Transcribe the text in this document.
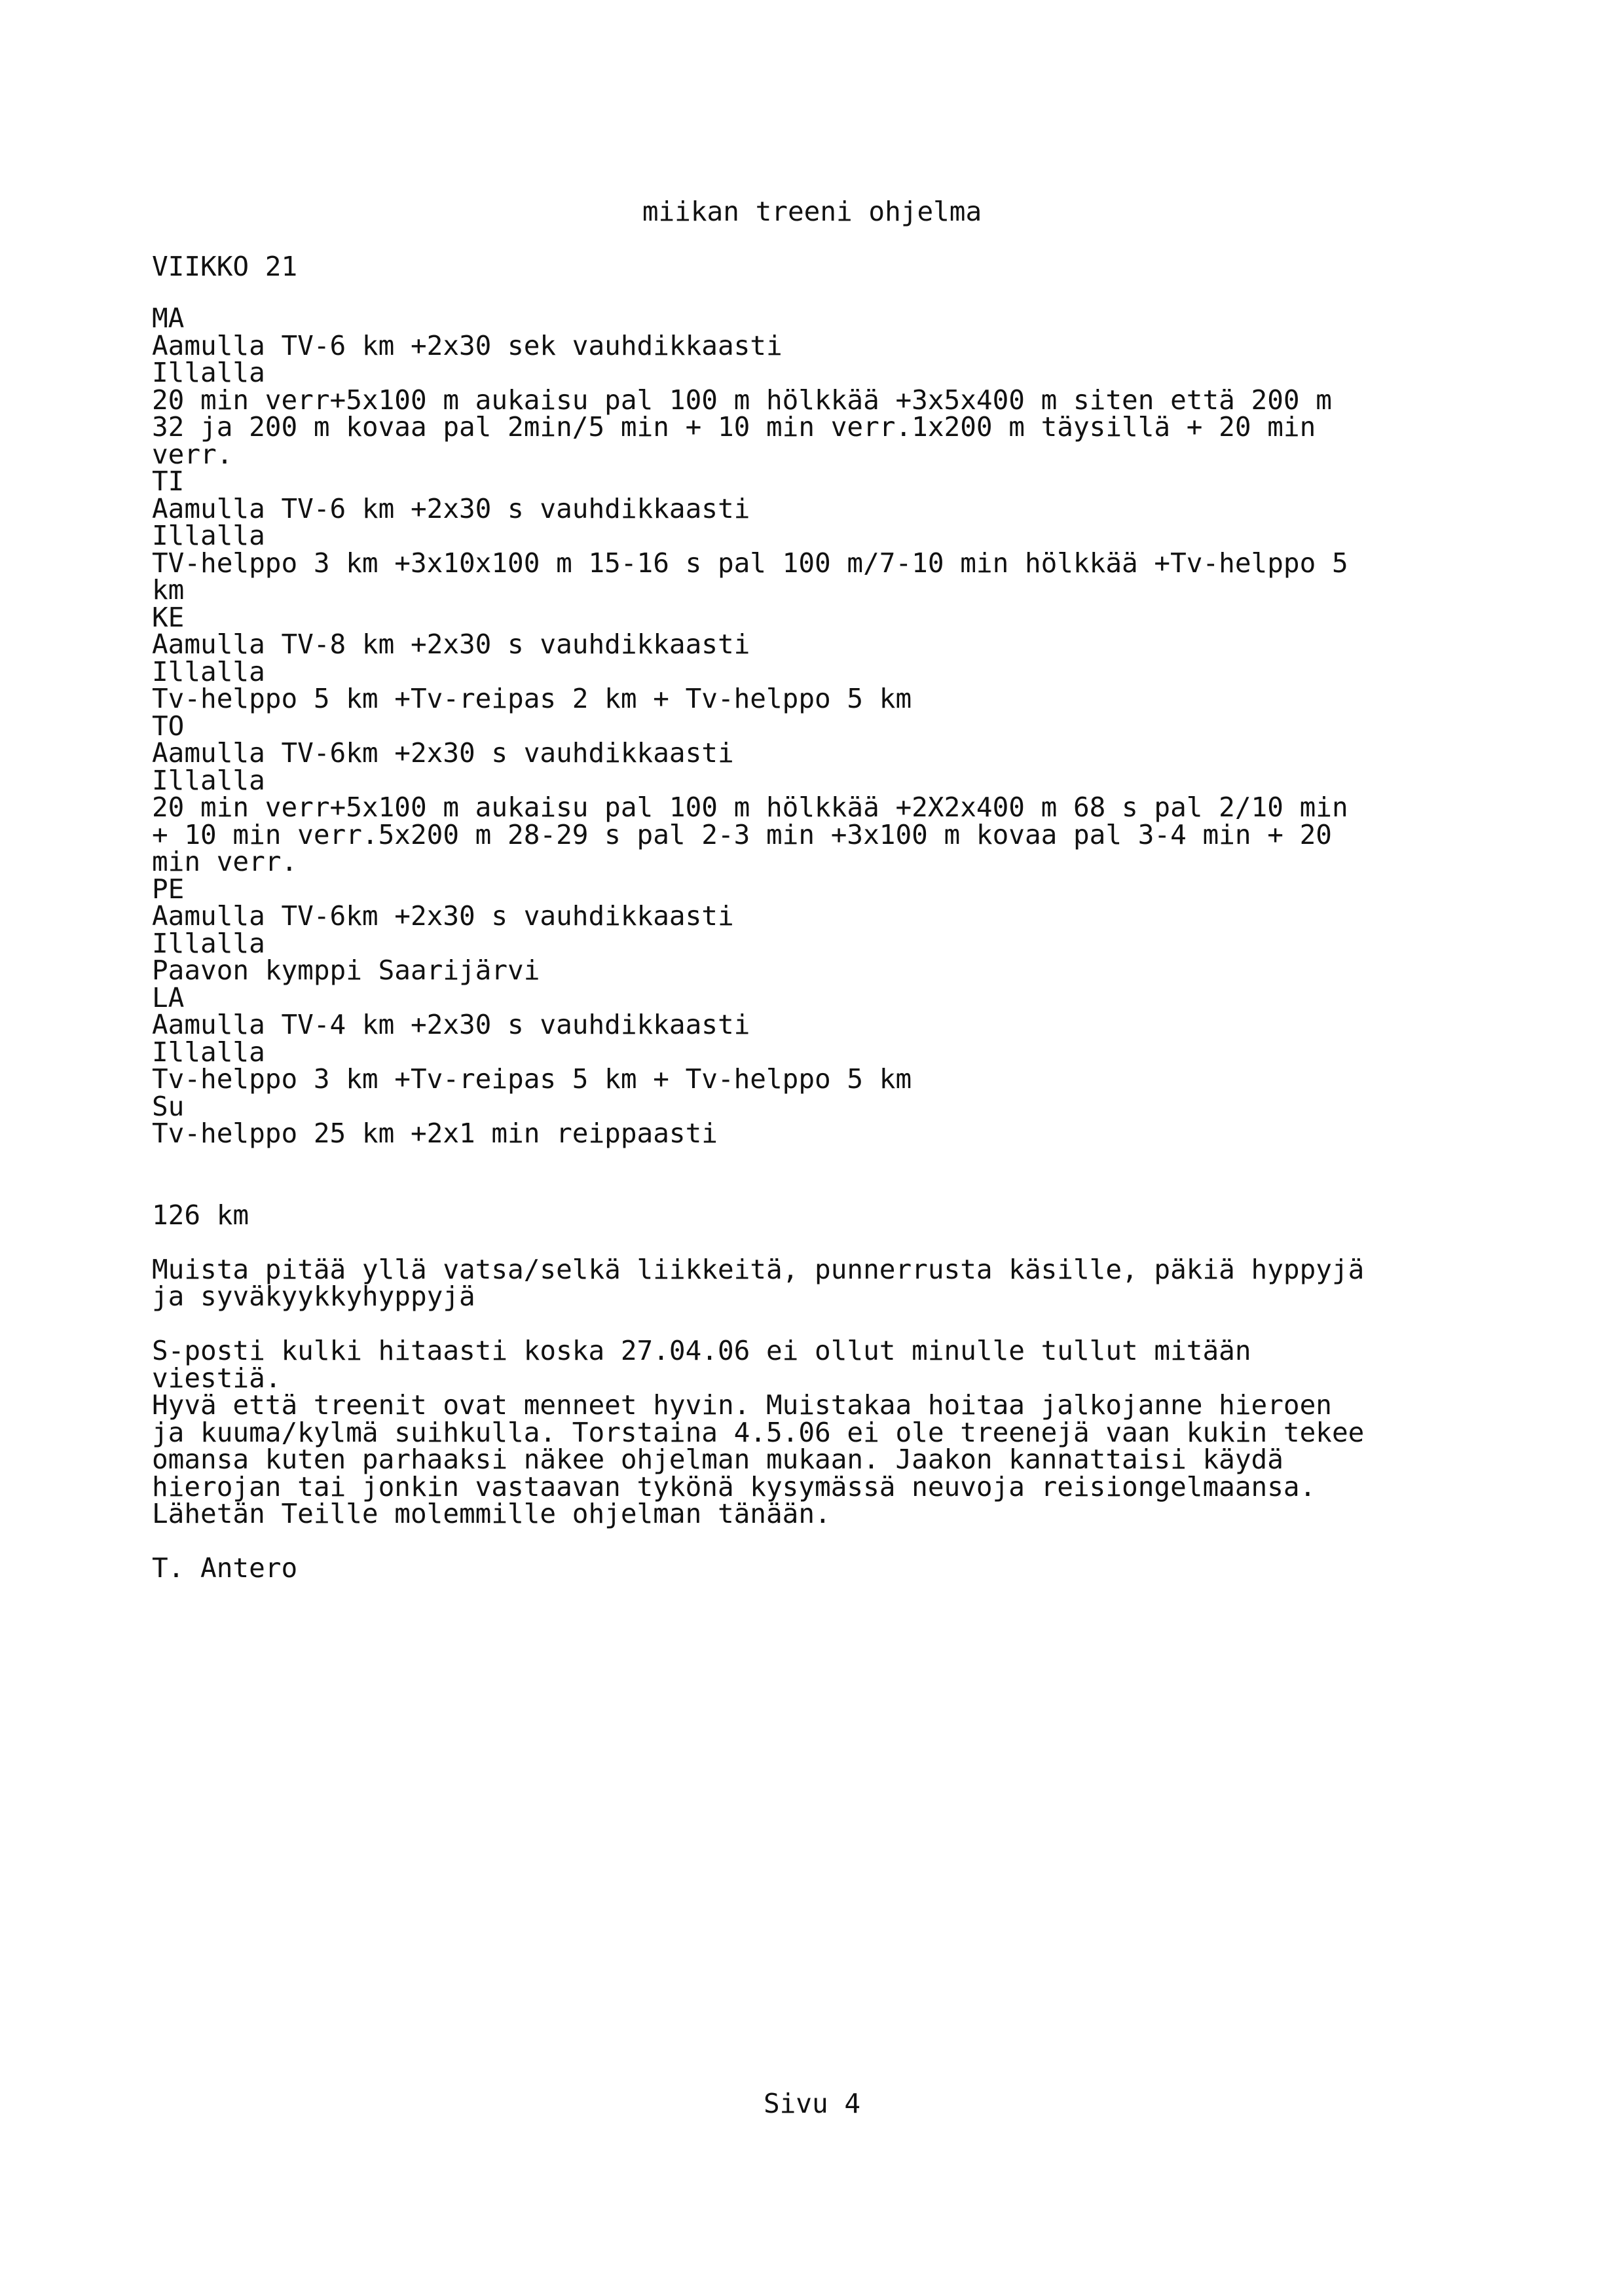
miikan treeni ohjelma
VIIKKO 21
MA
Aamulla TV-6 km +2x30 sek vauhdikkaasti
Illalla
20 min verr+5x100 m aukaisu pal 100 m hölkkää +3x5x400 m siten että 200 m
32 ja 200 m kovaa pal 2min/5 min + 10 min verr.1x200 m täysillä + 20 min
verr.
TI
Aamulla TV-6 km +2x30 s vauhdikkaasti
Illalla
TV-helppo 3 km +3x10x100 m 15-16 s pal 100 m/7-10 min hölkkää +Tv-helppo 5
km
KE
Aamulla TV-8 km +2x30 s vauhdikkaasti
Illalla
Tv-helppo 5 km +Tv-reipas 2 km + Tv-helppo 5 km
TO
Aamulla TV-6km +2x30 s vauhdikkaasti
Illalla
20 min verr+5x100 m aukaisu pal 100 m hölkkää +2X2x400 m 68 s pal 2/10 min
+ 10 min verr.5x200 m 28-29 s pal 2-3 min +3x100 m kovaa pal 3-4 min + 20
min verr.
PE
Aamulla TV-6km +2x30 s vauhdikkaasti
Illalla
Paavon kymppi Saarijärvi
LA
Aamulla TV-4 km +2x30 s vauhdikkaasti
Illalla
Tv-helppo 3 km +Tv-reipas 5 km + Tv-helppo 5 km
Su
Tv-helppo 25 km +2x1 min reippaasti
126 km
Muista pitää yllä vatsa/selkä liikkeitä, punnerrusta käsille, päkiä hyppyjä
ja syväkyykkyhyppyjä
S-posti kulki hitaasti koska 27.04.06 ei ollut minulle tullut mitään
viestiä.
Hyvä että treenit ovat menneet hyvin. Muistakaa hoitaa jalkojanne hieroen
ja kuuma/kylmä suihkulla. Torstaina 4.5.06 ei ole treenejä vaan kukin tekee
omansa kuten parhaaksi näkee ohjelman mukaan. Jaakon kannattaisi käydä
hierojan tai jonkin vastaavan tykönä kysymässä neuvoja reisiongelmaansa.
Lähetän Teille molemmille ohjelman tänään.
T. Antero
Sivu 4
